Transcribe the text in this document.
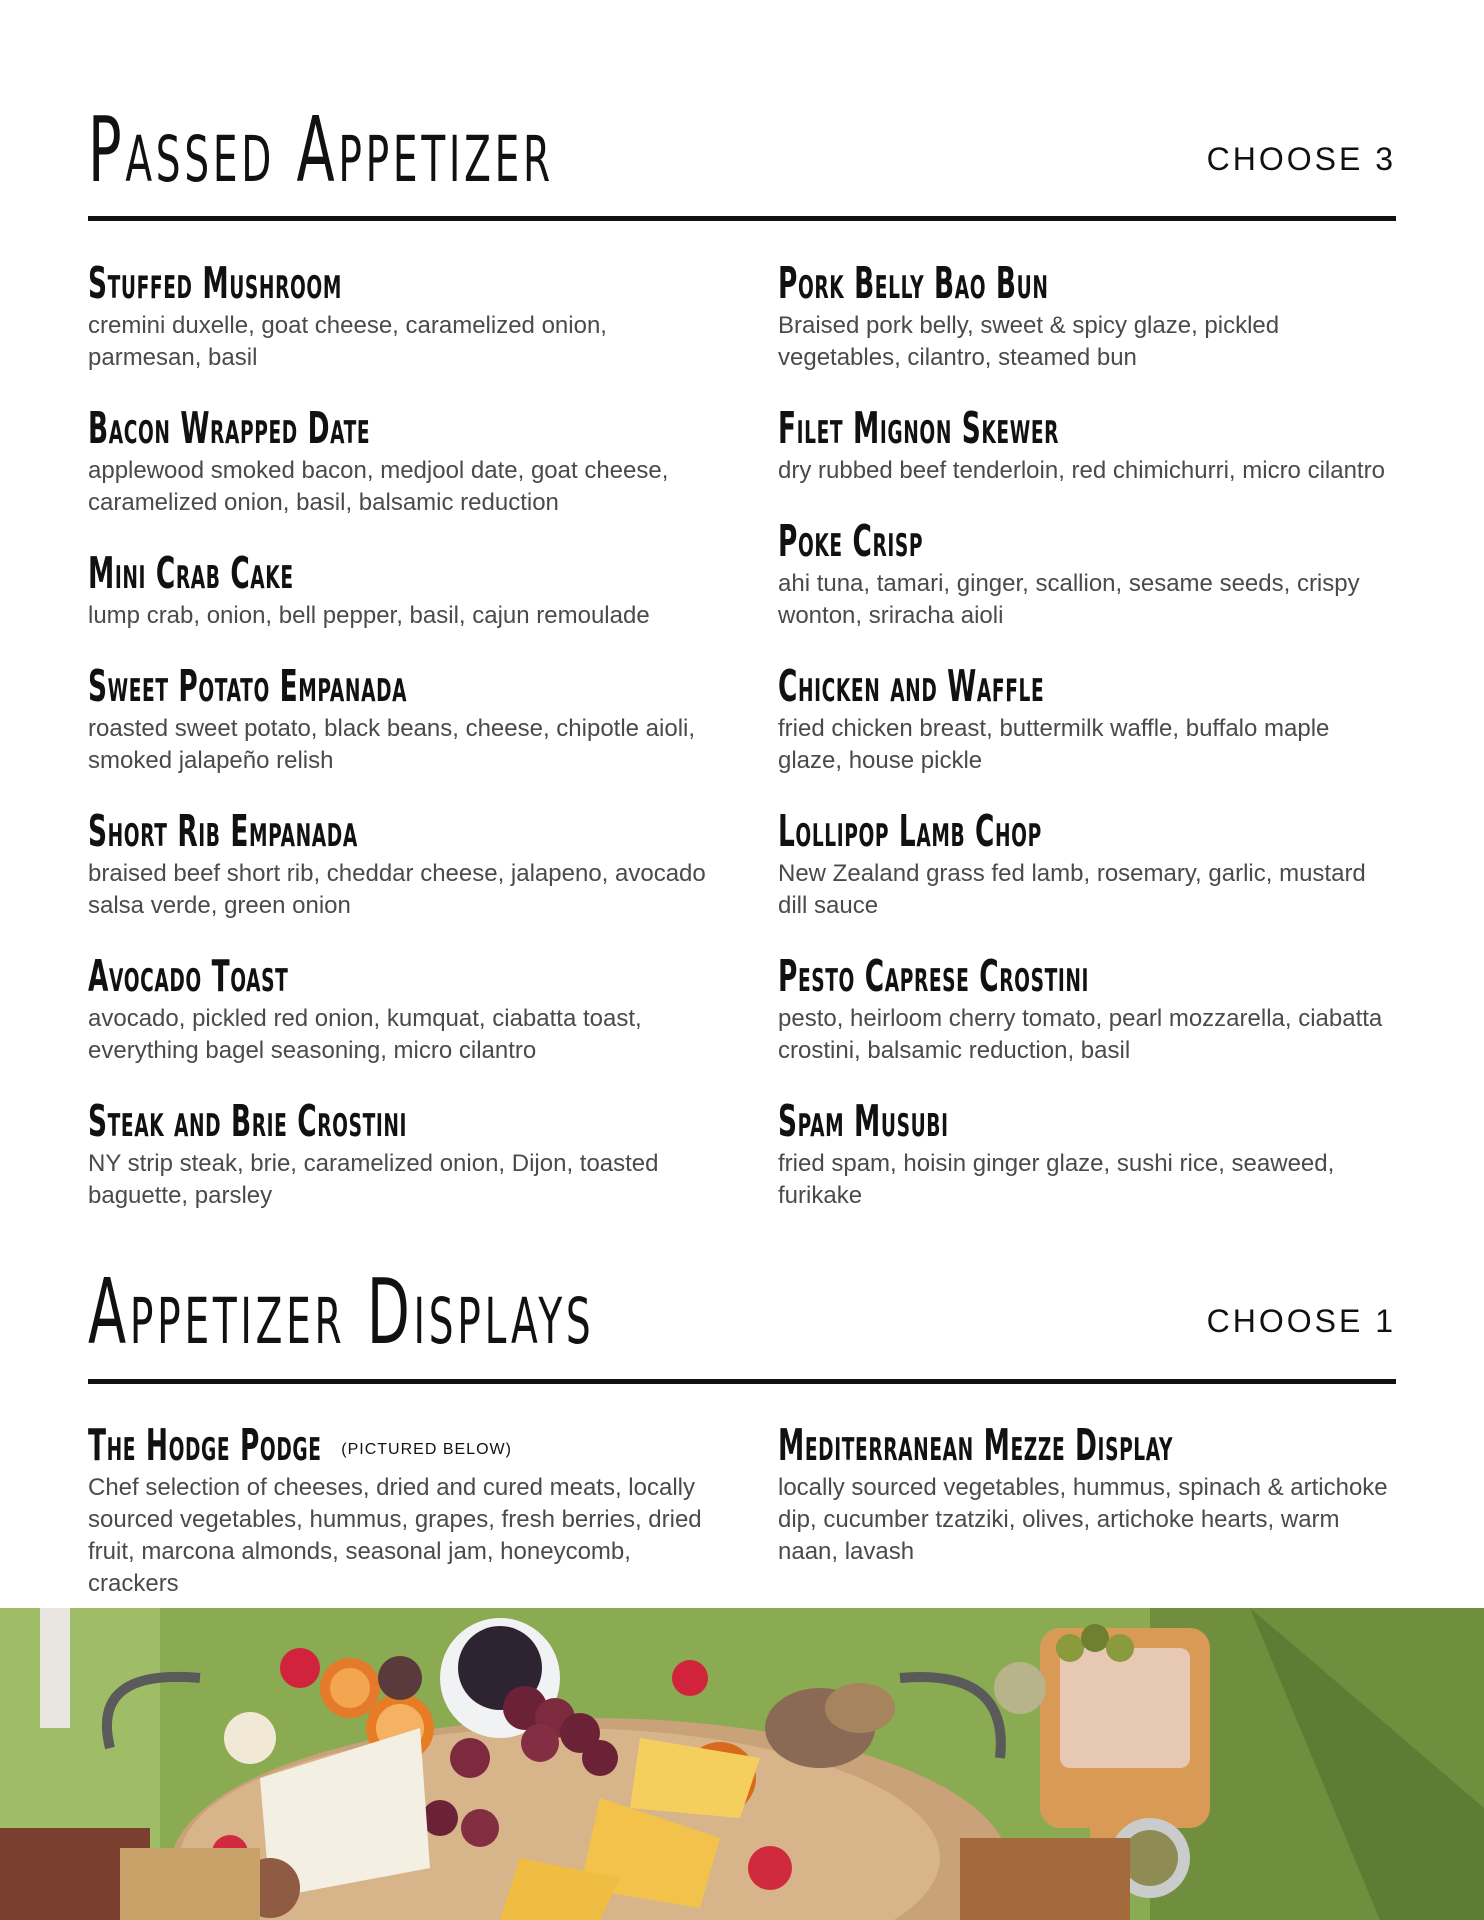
Passed Appetizer	CHOOSE 3
Stuffed Mushroom

cremini duxelle, goat cheese, caramelized onion, parmesan, basil

Bacon Wrapped Date

applewood smoked bacon, medjool date, goat cheese, caramelized onion, basil, balsamic reduction

Mini Crab Cake

lump crab, onion, bell pepper, basil, cajun remoulade

Sweet Potato Empanada

roasted sweet potato, black beans, cheese, chipotle aioli, smoked jalapeño relish

Short Rib Empanada

braised beef short rib, cheddar cheese, jalapeno, avocado salsa verde, green onion

Avocado Toast

avocado, pickled red onion, kumquat, ciabatta toast, everything bagel seasoning, micro cilantro

Steak and Brie Crostini

NY strip steak, brie, caramelized onion, Dijon, toasted baguette, parsley

Pork Belly Bao Bun

Braised pork belly, sweet & spicy glaze, pickled vegetables, cilantro, steamed bun

Filet Mignon Skewer

dry rubbed beef tenderloin, red chimichurri, micro cilantro

Poke Crisp

ahi tuna, tamari, ginger, scallion, sesame seeds, crispy wonton, sriracha aioli

Chicken and Waffle

fried chicken breast, buttermilk waffle, buffalo maple glaze, house pickle

Lollipop Lamb Chop

New Zealand grass fed lamb, rosemary, garlic, mustard dill sauce

Pesto Caprese Crostini

pesto, heirloom cherry tomato, pearl mozzarella, ciabatta crostini, balsamic reduction, basil

Spam Musubi

fried spam, hoisin ginger glaze, sushi rice, seaweed, furikake

Appetizer Displays	CHOOSE 1
The Hodge Podge (PICTURED BELOW)

Chef selection of cheeses, dried and cured meats, locally sourced vegetables, hummus, grapes, fresh berries, dried fruit, marcona almonds, seasonal jam, honeycomb, crackers

Mediterranean Mezze Display

locally sourced vegetables, hummus, spinach & artichoke dip, cucumber tzatziki, olives, artichoke hearts, warm naan, lavash
